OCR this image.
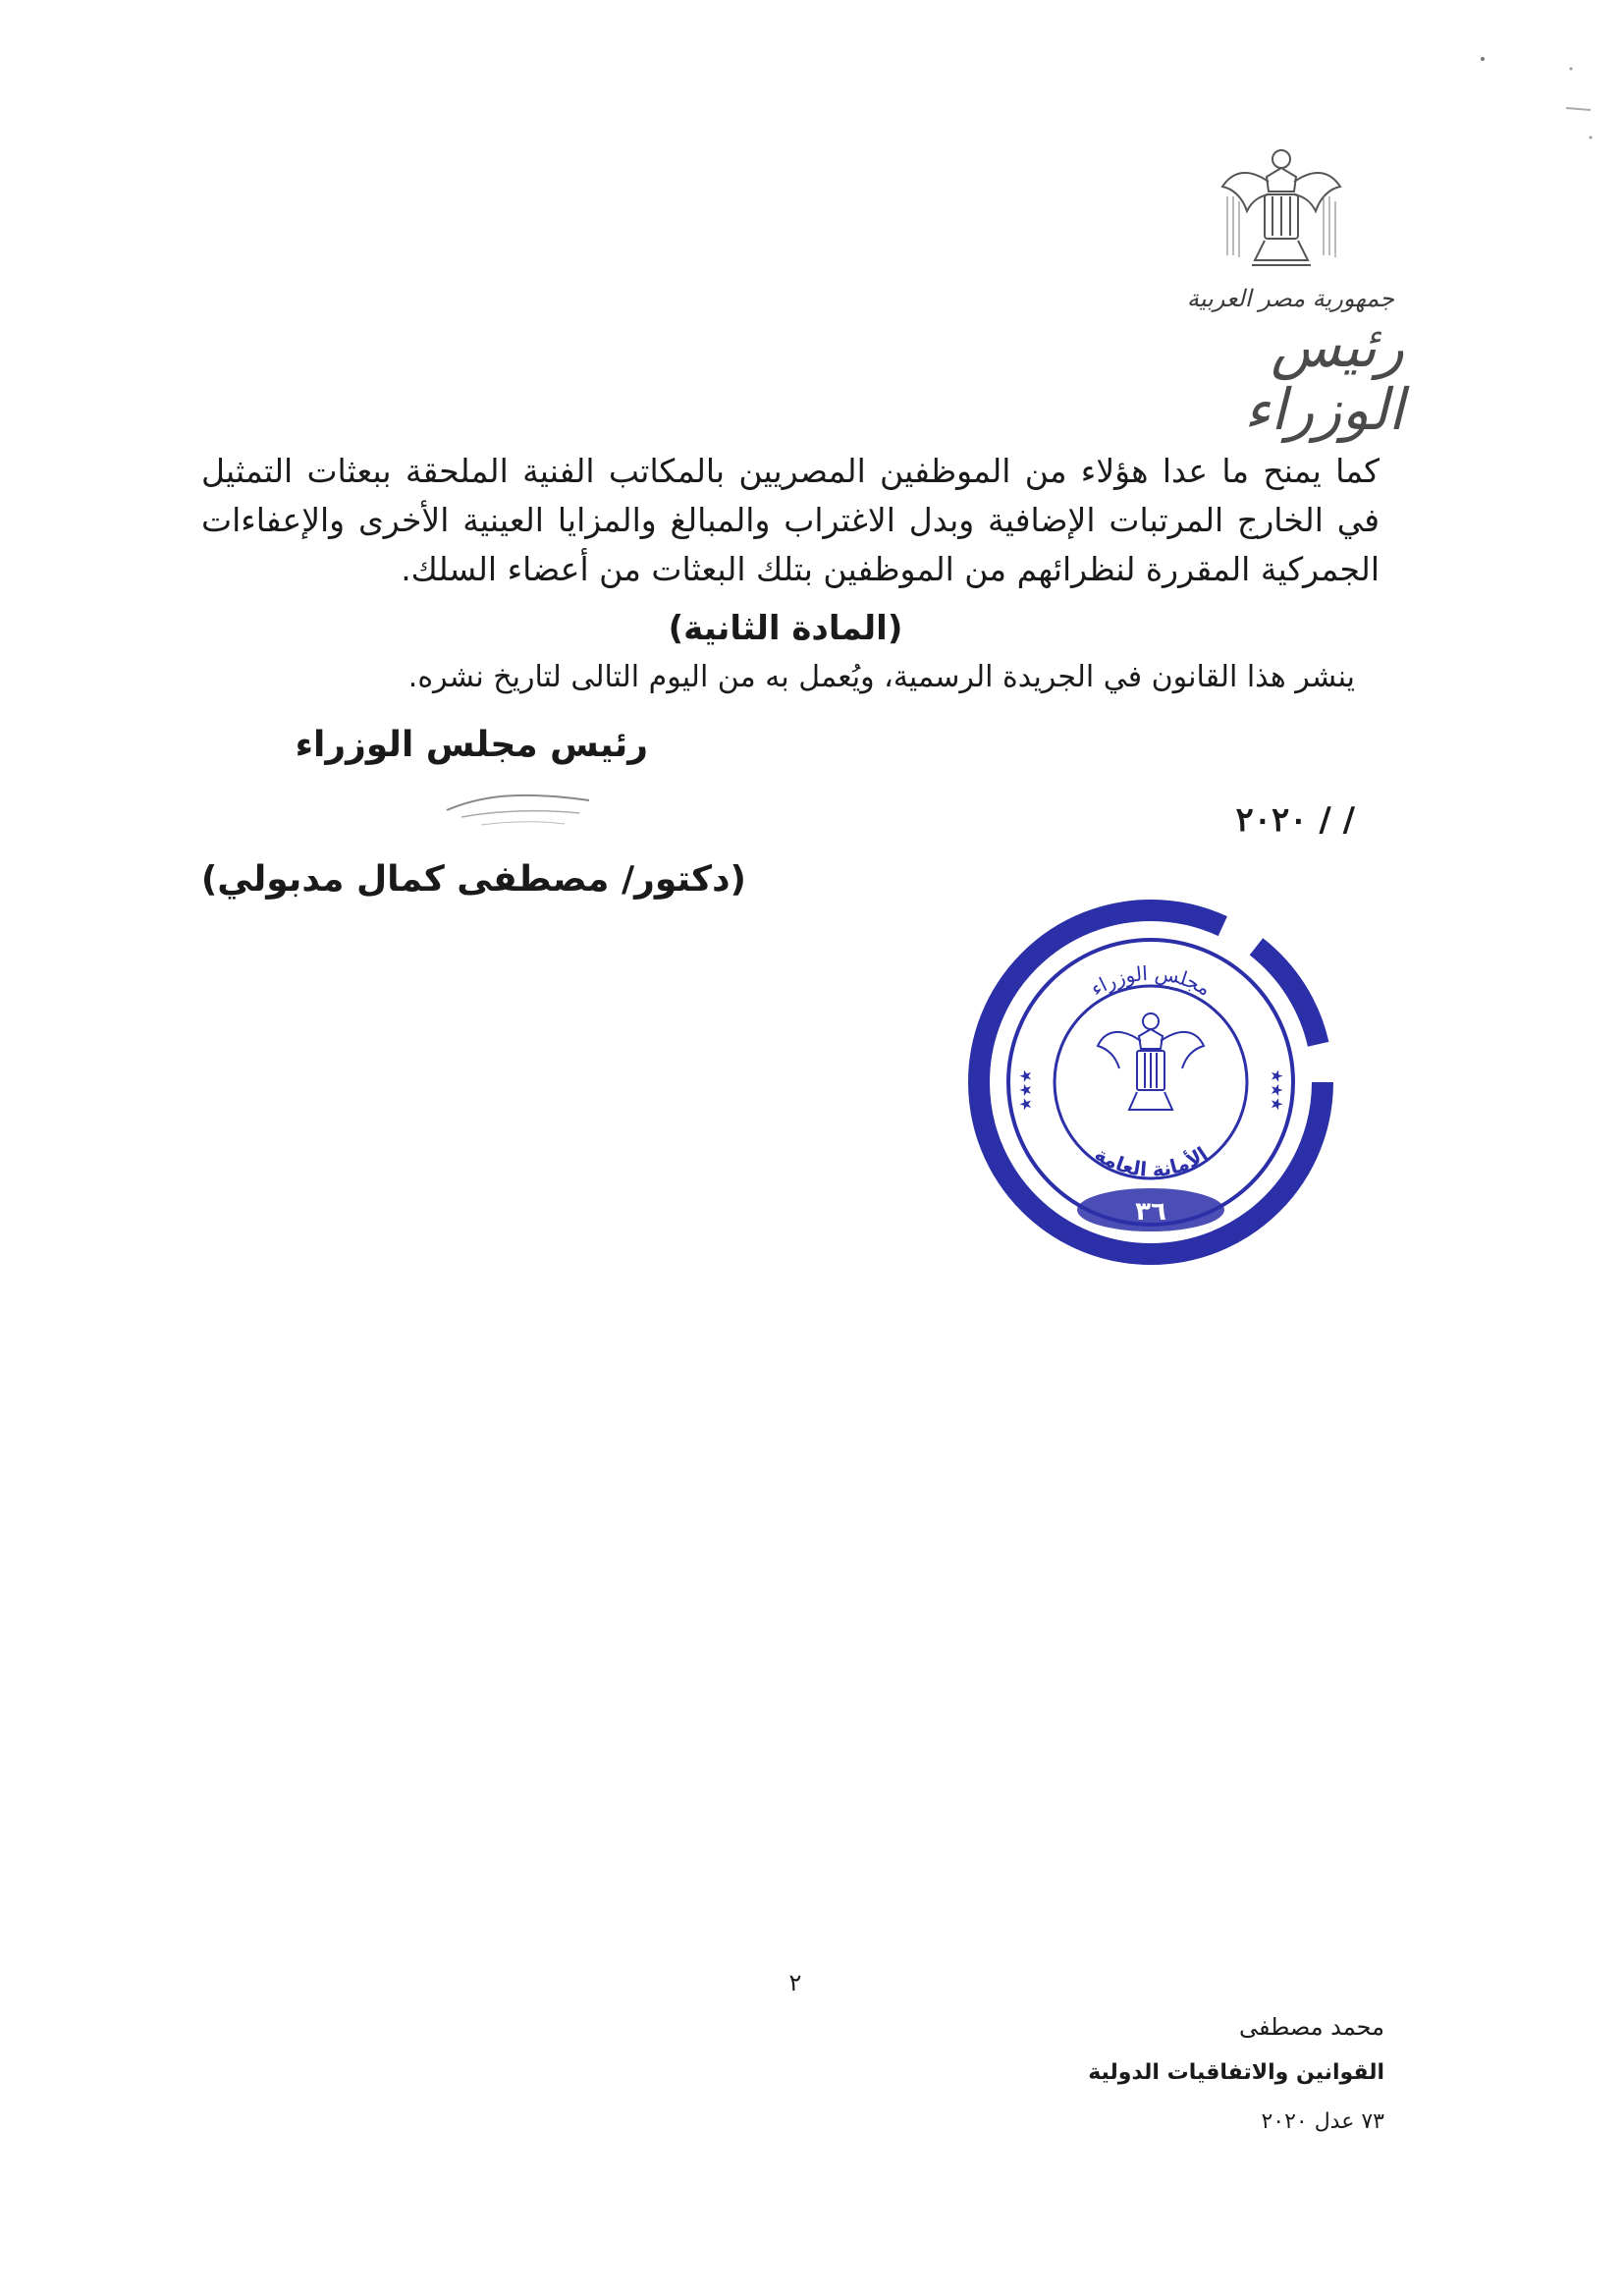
جمهورية مصر العربية
رئيس الوزراء
كما يمنح ما عدا هؤلاء من الموظفين المصريين بالمكاتب الفنية الملحقة ببعثات التمثيل في الخارج المرتبات الإضافية وبدل الاغتراب والمبالغ والمزايا العينية الأخرى والإعفاءات الجمركية المقررة لنظرائهم من الموظفين بتلك البعثات من أعضاء السلك.
(المادة الثانية)
ينشر هذا القانون في الجريدة الرسمية، ويُعمل به من اليوم التالى لتاريخ نشره.
رئيس مجلس الوزراء
/ / ٢٠٢٠
(دكتور/ مصطفى كمال مدبولي)
مجلس الوزراء
الأمانة العامة
★★★	★★★
٣٦
٢
محمد مصطفى
القوانين والاتفاقيات الدولية
٧٣ عدل ٢٠٢٠
